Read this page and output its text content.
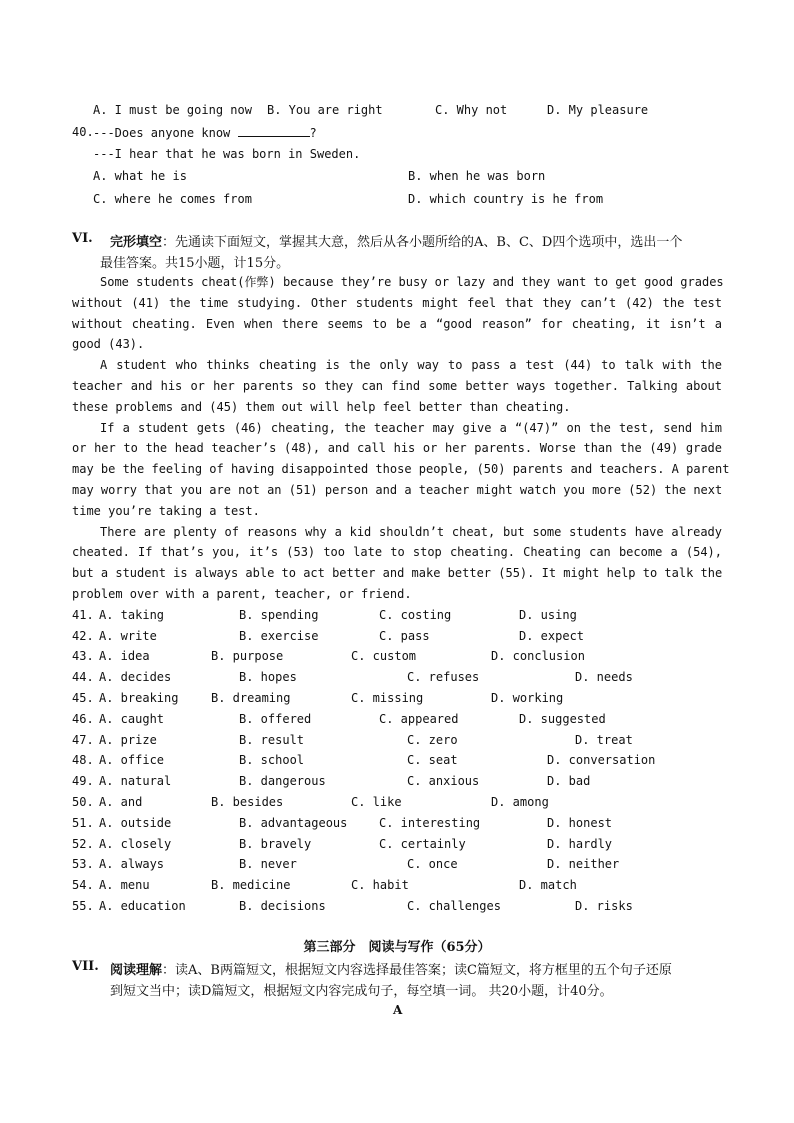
A. I must be going now B. You are right	C. Why not	D. My pleasure
40. ---Does anyone know	?
---I hear that he was born in Sweden.
A. what he is	B. when he was born
C. where he comes from	D. which country is he from
VI. 完形填空：先通读下面短文，掌握其大意，然后从各小题所给的A、B、C、D四个选项中，选出一个
最佳答案。共15小题，计15分。
Some students cheat(作弊) because they’re busy or lazy and they want to get good grades
without (41) the time studying. Other students might feel that they can’t (42) the test
without cheating. Even when there seems to be a “good reason” for cheating, it isn’t a
good (43).
A student who thinks cheating is the only way to pass a test (44) to talk with the
teacher and his or her parents so they can find some better ways together. Talking about
these problems and (45) them out will help feel better than cheating.
If a student gets (46) cheating, the teacher may give a “(47)” on the test, send him
or her to the head teacher’s (48), and call his or her parents. Worse than the (49) grade
may be the feeling of having disappointed those people, (50) parents and teachers. A parent
may worry that you are not an (51) person and a teacher might watch you more (52) the next
time you’re taking a test.
There are plenty of reasons why a kid shouldn’t cheat, but some students have already
cheated. If that’s you, it’s (53) too late to stop cheating. Cheating can become a (54),
but a student is always able to act better and make better (55). It might help to talk the
problem over with a parent, teacher, or friend.
41. A. taking	B. spending	C. costing	D. using
42. A. write	B. exercise	C. pass	D. expect
43. A. idea	B. purpose	C. custom	D. conclusion
44. A. decides	B. hopes	C. refuses	D. needs
45. A. breaking	B. dreaming	C. missing	D. working
46. A. caught	B. offered	C. appeared	D. suggested
47. A. prize	B. result	C. zero	D. treat
48. A. office	B. school	C. seat	D. conversation
49. A. natural	B. dangerous	C. anxious	D. bad
50. A. and	B. besides	C. like	D. among
51. A. outside	B. advantageous	C. interesting	D. honest
52. A. closely	B. bravely	C. certainly	D. hardly
53. A. always	B. never	C. once	D. neither
54. A. menu	B. medicine	C. habit	D. match
55. A. education	B. decisions	C. challenges	D. risks
第三部分　阅读与写作（65分）
VII. 阅读理解：读A、B两篇短文，根据短文内容选择最佳答案；读C篇短文，将方框里的五个句子还原
到短文当中；读D篇短文，根据短文内容完成句子，每空填一词。 共20小题，计40分。
A
